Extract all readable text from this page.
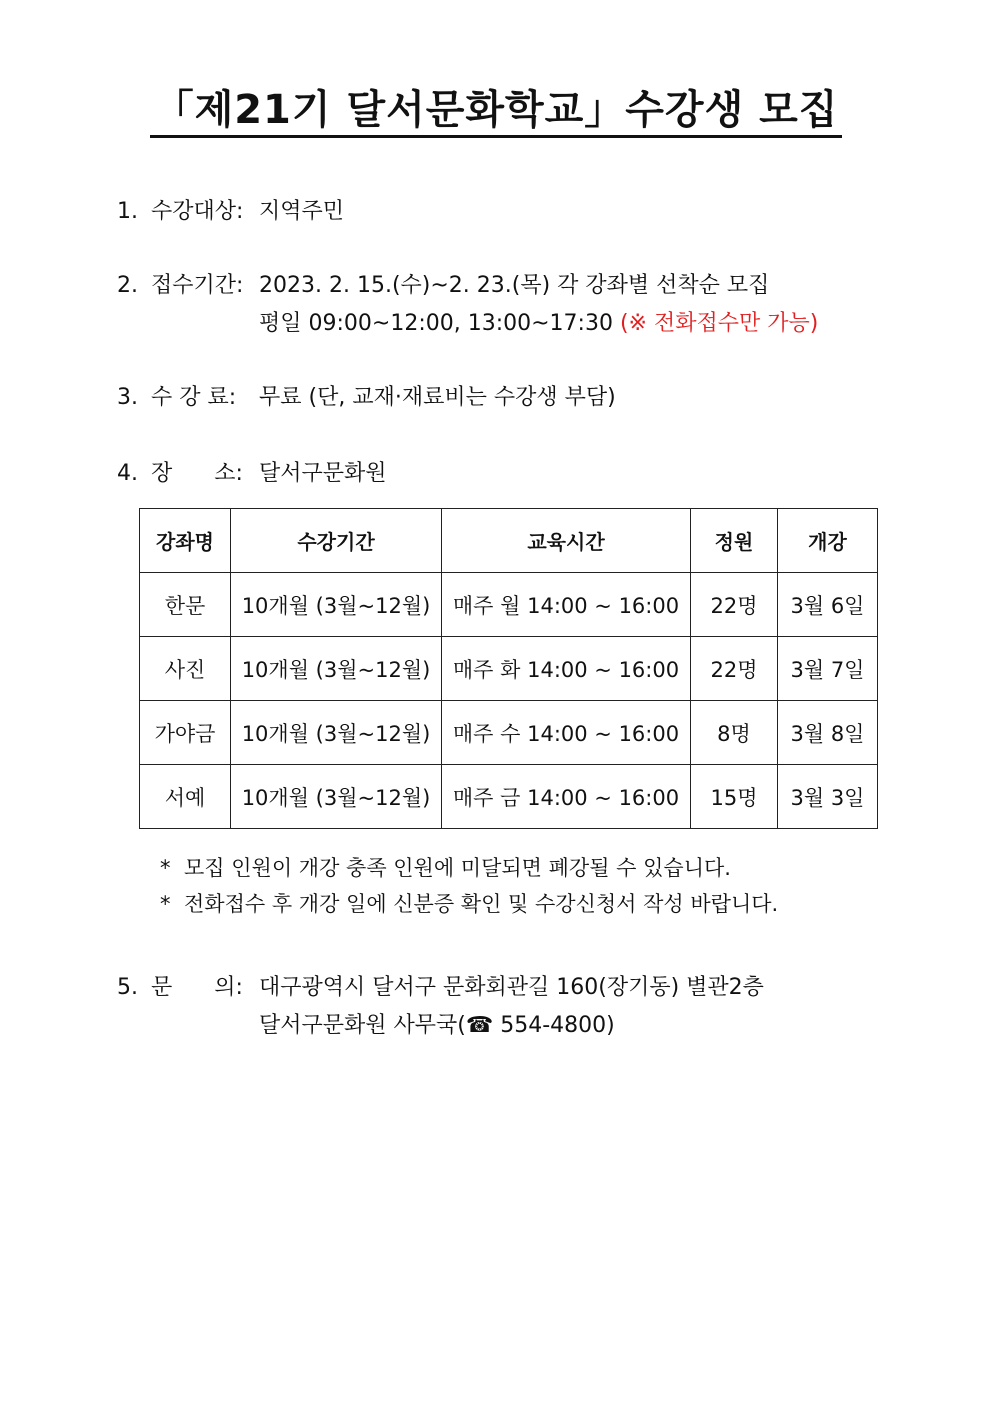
「제21기 달서문화학교」수강생 모집
1. 수강대상: 지역주민
2. 접수기간: 2023. 2. 15.(수)~2. 23.(목) 각 강좌별 선착순 모집
평일 09:00~12:00, 13:00~17:30 (※ 전화접수만 가능)
3. 수 강 료: 무료 (단, 교재·재료비는 수강생 부담)
4. 장      소: 달서구문화원
강좌명	수강기간	교육시간	정원	개강
한문	10개월 (3월~12월)	매주 월 14:00 ~ 16:00	22명	3월 6일
사진	10개월 (3월~12월)	매주 화 14:00 ~ 16:00	22명	3월 7일
가야금	10개월 (3월~12월)	매주 수 14:00 ~ 16:00	8명	3월 8일
서예	10개월 (3월~12월)	매주 금 14:00 ~ 16:00	15명	3월 3일
* 모집 인원이 개강 충족 인원에 미달되면 폐강될 수 있습니다.
* 전화접수 후 개강 일에 신분증 확인 및 수강신청서 작성 바랍니다.
5. 문      의: 대구광역시 달서구 문화회관길 160(장기동) 별관2층
달서구문화원 사무국(☎ 554-4800)
